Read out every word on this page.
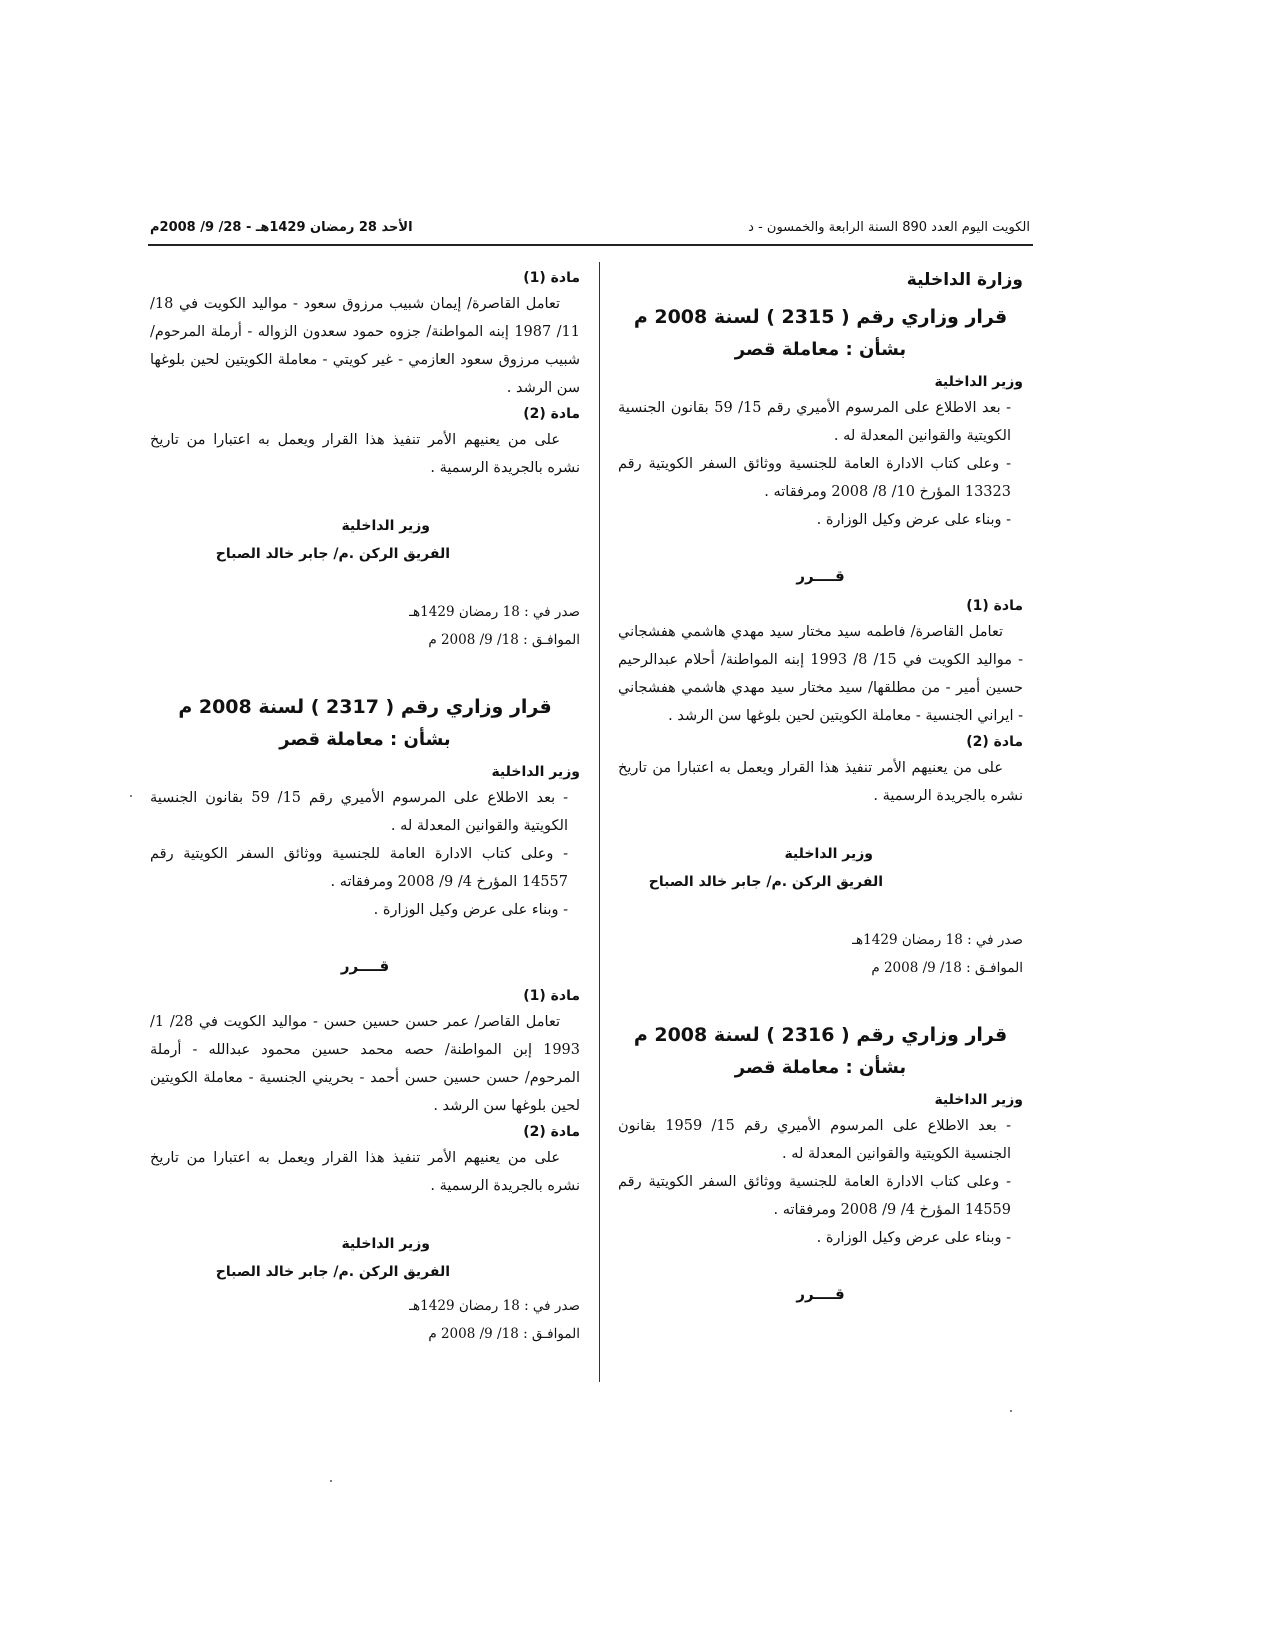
الكويت اليوم العدد 890 السنة الرابعة والخمسون - د
الأحد 28 رمضان 1429هـ - 28/ 9/ 2008م
وزارة الداخلية
قرار وزاري رقم ( 2315 ) لسنة 2008 م
بشأن : معاملة قصر
وزير الداخلية

- بعد الاطلاع على المرسوم الأميري رقم 15/ 59 بقانون الجنسية الكويتية والقوانين المعدلة له .

- وعلى كتاب الادارة العامة للجنسية ووثائق السفر الكويتية رقم 13323 المؤرخ 10/ 8/ 2008 ومرفقاته .

- وبناء على عرض وكيل الوزارة .

قــــرر
مادة (1)

تعامل القاصرة/ فاطمه سيد مختار سيد مهدي هاشمي هفشجاني - مواليد الكويت في 15/ 8/ 1993 إبنه المواطنة/ أحلام عبدالرحيم حسين أمير - من مطلقها/ سيد مختار سيد مهدي هاشمي هفشجاني - ايراني الجنسية - معاملة الكويتين لحين بلوغها سن الرشد .

مادة (2)

على من يعنيهم الأمر تنفيذ هذا القرار ويعمل به اعتبارا من تاريخ نشره بالجريدة الرسمية .

وزير الداخلية
الفريق الركن .م/ جابر خالد الصباح
صدر في : 18 رمضان 1429هـ
الموافـق : 18/ 9/ 2008 م
قرار وزاري رقم ( 2316 ) لسنة 2008 م
بشأن : معاملة قصر
وزير الداخلية

- بعد الاطلاع على المرسوم الأميري رقم 15/ 1959 بقانون الجنسية الكويتية والقوانين المعدلة له .

- وعلى كتاب الادارة العامة للجنسية ووثائق السفر الكويتية رقم 14559 المؤرخ 4/ 9/ 2008 ومرفقاته .

- وبناء على عرض وكيل الوزارة .

قــــرر
مادة (1)

تعامل القاصرة/ إيمان شبيب مرزوق سعود - مواليد الكويت في 18/ 11/ 1987 إبنه المواطنة/ جزوه حمود سعدون الزواله - أرملة المرحوم/ شبيب مرزوق سعود العازمي - غير كويتي - معاملة الكويتين لحين بلوغها سن الرشد .

مادة (2)

على من يعنيهم الأمر تنفيذ هذا القرار ويعمل به اعتبارا من تاريخ نشره بالجريدة الرسمية .

وزير الداخلية
الفريق الركن .م/ جابر خالد الصباح
صدر في : 18 رمضان 1429هـ
الموافـق : 18/ 9/ 2008 م
قرار وزاري رقم ( 2317 ) لسنة 2008 م
بشأن : معاملة قصر
وزير الداخلية

- بعد الاطلاع على المرسوم الأميري رقم 15/ 59 بقانون الجنسية الكويتية والقوانين المعدلة له .

- وعلى كتاب الادارة العامة للجنسية ووثائق السفر الكويتية رقم 14557 المؤرخ 4/ 9/ 2008 ومرفقاته .

- وبناء على عرض وكيل الوزارة .

قــــرر
مادة (1)

تعامل القاصر/ عمر حسن حسين حسن - مواليد الكويت في 28/ 1/ 1993 إبن المواطنة/ حصه محمد حسين محمود عبدالله - أرملة المرحوم/ حسن حسين حسن أحمد - بحريني الجنسية - معاملة الكويتين لحين بلوغها سن الرشد .

مادة (2)

على من يعنيهم الأمر تنفيذ هذا القرار ويعمل به اعتبارا من تاريخ نشره بالجريدة الرسمية .

وزير الداخلية
الفريق الركن .م/ جابر خالد الصباح
صدر في : 18 رمضان 1429هـ
الموافـق : 18/ 9/ 2008 م
